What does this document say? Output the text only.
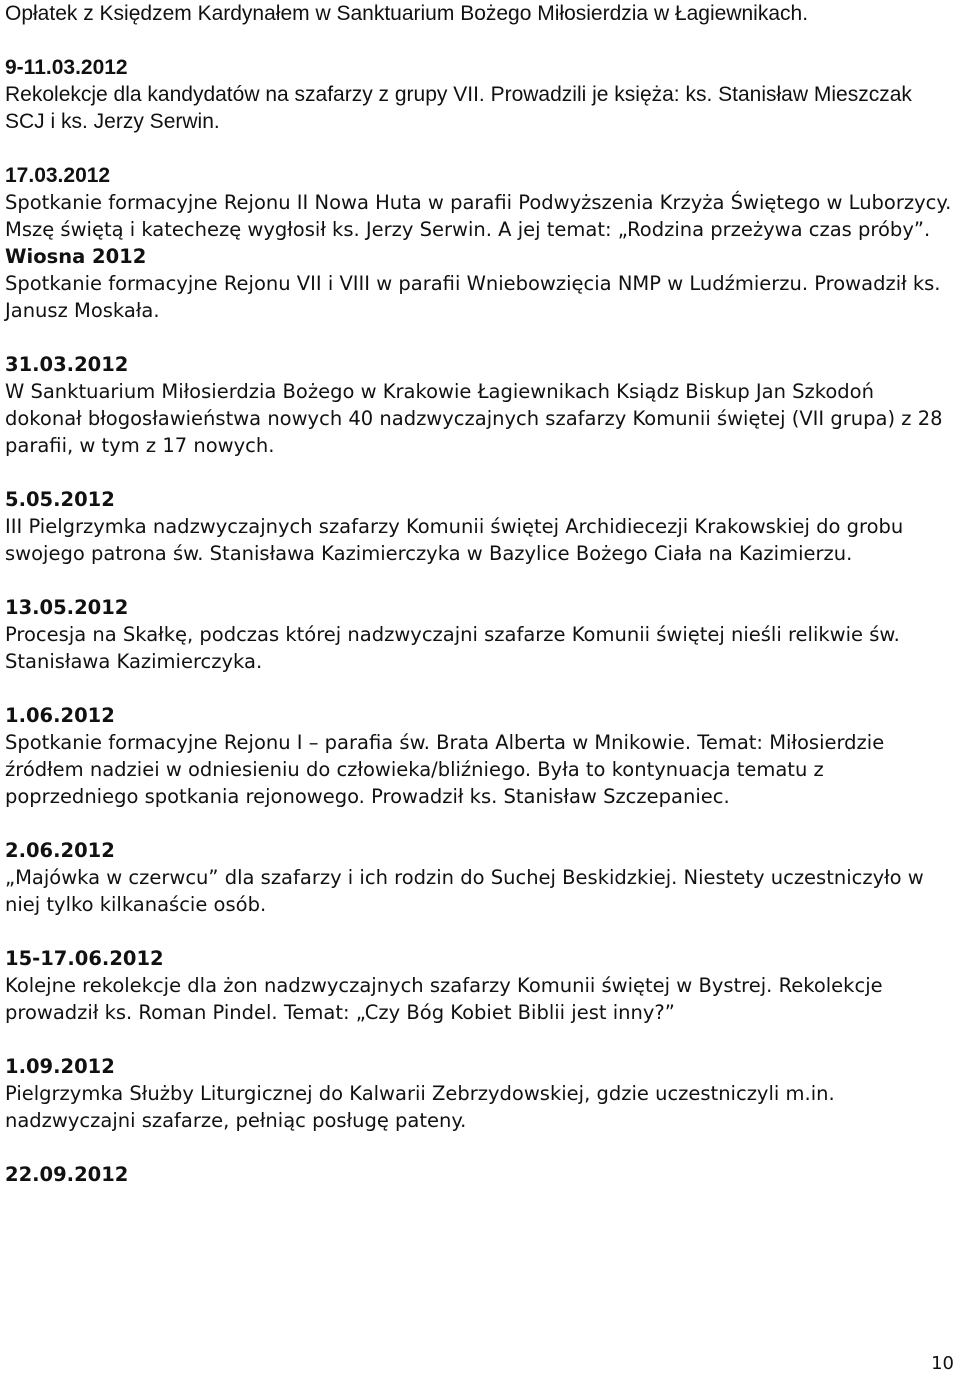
Opłatek z Księdzem Kardynałem w Sanktuarium Bożego Miłosierdzia w Łagiewnikach.

9-11.03.2012
Rekolekcje dla kandydatów na szafarzy z grupy VII. Prowadzili je księża: ks. Stanisław Mieszczak SCJ i ks. Jerzy Serwin.
17.03.2012
Spotkanie formacyjne Rejonu II Nowa Huta w parafii Podwyższenia Krzyża Świętego w Luborzycy. Mszę świętą i katechezę wygłosił ks. Jerzy Serwin. A jej temat: „Rodzina przeżywa czas próby”.
Wiosna 2012
Spotkanie formacyjne Rejonu VII i VIII w parafii Wniebowzięcia NMP w Ludźmierzu. Prowadził ks. Janusz Moskała.
31.03.2012
W Sanktuarium Miłosierdzia Bożego w Krakowie Łagiewnikach Ksiądz Biskup Jan Szkodoń dokonał błogosławieństwa nowych 40 nadzwyczajnych szafarzy Komunii świętej (VII grupa) z 28 parafii, w tym z 17 nowych.
5.05.2012
III Pielgrzymka nadzwyczajnych szafarzy Komunii świętej Archidiecezji Krakowskiej do grobu swojego patrona św. Stanisława Kazimierczyka w Bazylice Bożego Ciała na Kazimierzu.
13.05.2012
Procesja na Skałkę, podczas której nadzwyczajni szafarze Komunii świętej nieśli relikwie św. Stanisława Kazimierczyka.
1.06.2012
Spotkanie formacyjne Rejonu I – parafia św. Brata Alberta w Mnikowie. Temat: Miłosierdzie źródłem nadziei w odniesieniu do człowieka/bliźniego. Była to kontynuacja tematu z poprzedniego spotkania rejonowego. Prowadził ks. Stanisław Szczepaniec.
2.06.2012
„Majówka w czerwcu” dla szafarzy i ich rodzin do Suchej Beskidzkiej. Niestety uczestniczyło w niej tylko kilkanaście osób.
15-17.06.2012
Kolejne rekolekcje dla żon nadzwyczajnych szafarzy Komunii świętej w Bystrej. Rekolekcje prowadził ks. Roman Pindel. Temat: „Czy Bóg Kobiet Biblii jest inny?”
1.09.2012
Pielgrzymka Służby Liturgicznej do Kalwarii Zebrzydowskiej, gdzie uczestniczyli m.in. nadzwyczajni szafarze, pełniąc posługę pateny.
22.09.2012
10
